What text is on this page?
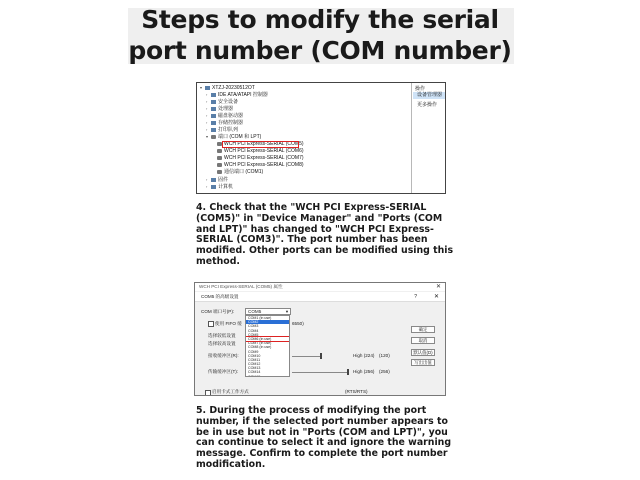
Steps to modify the serial
port number (COM number)
▾ XTZJ-20230512OT
› IDE ATA/ATAPI 控制器
› 安全设备
› 处理器
› 磁盘驱动器
› 存储控制器
› 打印队列
▾ 端口 (COM 和 LPT)
WCH PCI Express-SERIAL (COM5)
WCH PCI Express-SERIAL (COM6)
WCH PCI Express-SERIAL (COM7)
WCH PCI Express-SERIAL (COM8)
通信端口 (COM1)
› 固件
› 计算机
操作
设备管理器
更多操作
4. Check that the "WCH PCI Express-SERIAL (COM5)" in "Device Manager" and "Ports (COM and LPT)" has changed to "WCH PCI Express-SERIAL (COM3)". The port number has been modified. Other ports can be modified using this method.
WCH PCI Express-SERIAL (COM5) 属性	✕
COM5 的高级设置	?	✕
COM 端口号(P):	COM5	▼
使用 FIFO 缓	6550)
选择较低设置
选择较高设置
接收缓冲区(R):	High (224) (120)
传输缓冲区(T):	High (256) (256)
COM1 (in use)
COM2
COM3
COM4
COM5
COM6 (in use)
COM7 (in use)
COM8 (in use)
COM9
COM10
COM11
COM12
COM13
COM14
COM15
确定
取消
默认值(D)
写出出值
启用卡式工作方式	(RTS/RTS)
5. During the process of modifying the port number, if the selected port number appears to be in use but not in "Ports (COM and LPT)", you can continue to select it and ignore the warning message. Confirm to complete the port number modification.
